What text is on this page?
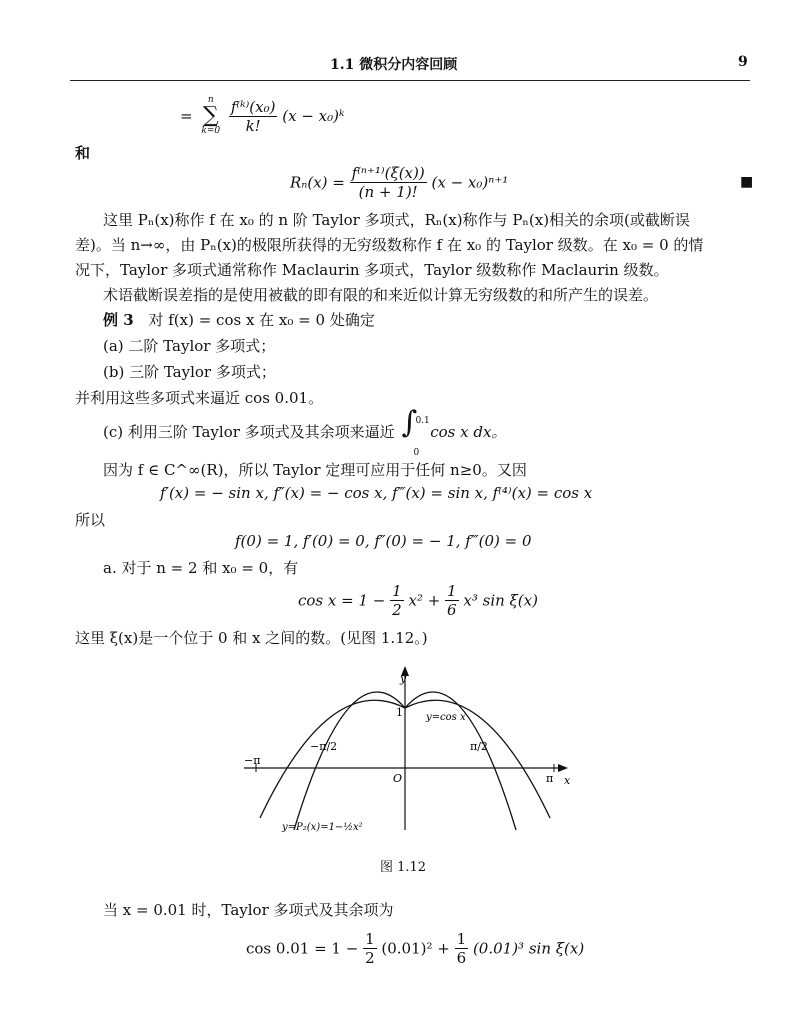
1.1 微积分内容回顾	9
=
n
∑
k=0
$\frac{\text{f⁽ᵏ⁾(x₀)}}{k!} (x$ − x₀)ᵏ
和
$R_n(x) = \frac{\text{f⁽ⁿ⁺¹⁾(ξ(x))}}{(n + 1)!} (x - x_0)^{n+1}$	■
这里 Pₙ(x)称作 f 在 x₀ 的 n 阶 Taylor 多项式，Rₙ(x)称作与 Pₙ(x)相关的余项(或截断误
差)。当 n→∞，由 Pₙ(x)的极限所获得的无穷级数称作 f 在 x₀ 的 Taylor 级数。在 x₀ = 0 的情
况下，Taylor 多项式通常称作 Maclaurin 多项式，Taylor 级数称作 Maclaurin 级数。
术语截断误差指的是使用被截的即有限的和来近似计算无穷级数的和所产生的误差。
例 3 对 f(x) = cos x 在 x₀ = 0 处确定
(a) 二阶 Taylor 多项式；
(b) 三阶 Taylor 多项式；
并利用这些多项式来逼近 cos 0.01。
(c) 利用三阶 Taylor 多项式及其余项来逼近 ∫
0.1
0
cos x dx。
因为 f ∈ C^∞(R)，所以 Taylor 定理可应用于任何 n≥0。又因
f′(x) = − sin x, f″(x) = − cos x, f‴(x) = sin x, f⁽⁴⁾(x) = cos x
所以
f(0) = 1, f′(0) = 0, f″(0) = − 1, f‴(0) = 0
a. 对于 n = 2 和 x₀ = 0，有
$\cos x = 1 - \frac{1}{2} x^2 + \frac{1}{6} x^3$ sin ξ(x)
这里 ξ(x)是一个位于 0 和 x 之间的数。(见图 1.12。)
y
x
1
O
−π
π
−π/2	π/2
y=cos x
y=P₂(x)=1−½x²
图 1.12
当 x = 0.01 时，Taylor 多项式及其余项为
$\cos 0.01 = 1 - \frac{1}{2} (0.01)^2 + \frac{1}{6} (0.01)^3$ sin ξ(x)
